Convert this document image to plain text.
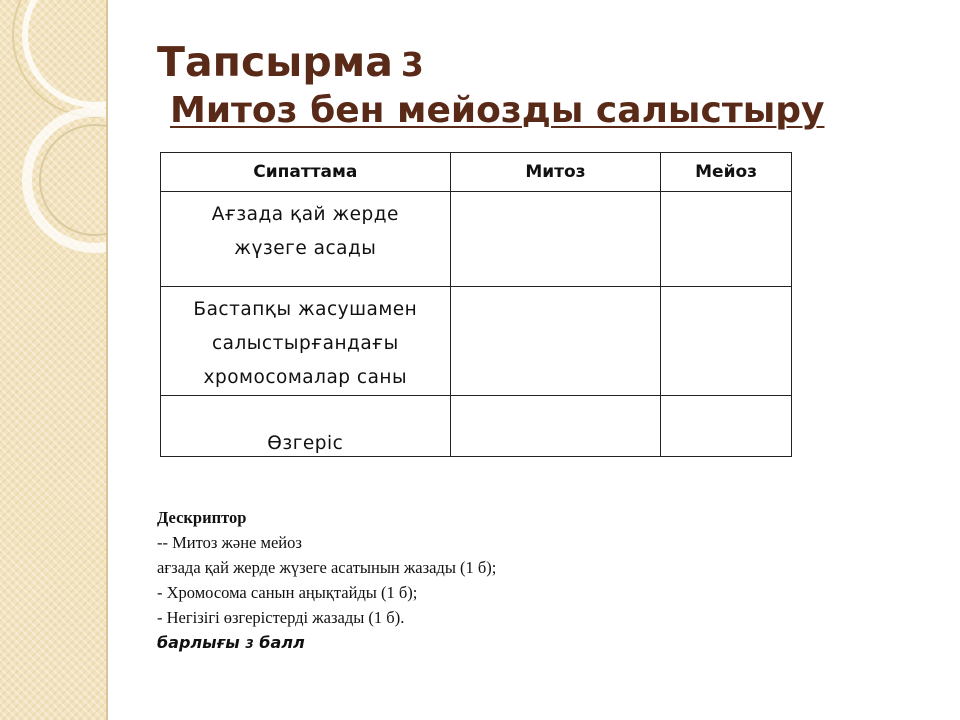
Тапсырма 3
Митоз бен мейозды салыстыру
Сипаттама	Митоз	Мейоз

Ағзада қай жерде
жүзеге асады		

Бастапқы жасушамен
салыстырғандағы
хромосомалар саны		

Өзгеріс		

Дескриптор
-- Митоз және мейоз
ағзада қай жерде жүзеге асатынын жазады (1 б);
- Хромосома санын аңықтайды (1 б);
- Негізігі өзгерістерді жазады (1 б).
барлығы 3 балл
